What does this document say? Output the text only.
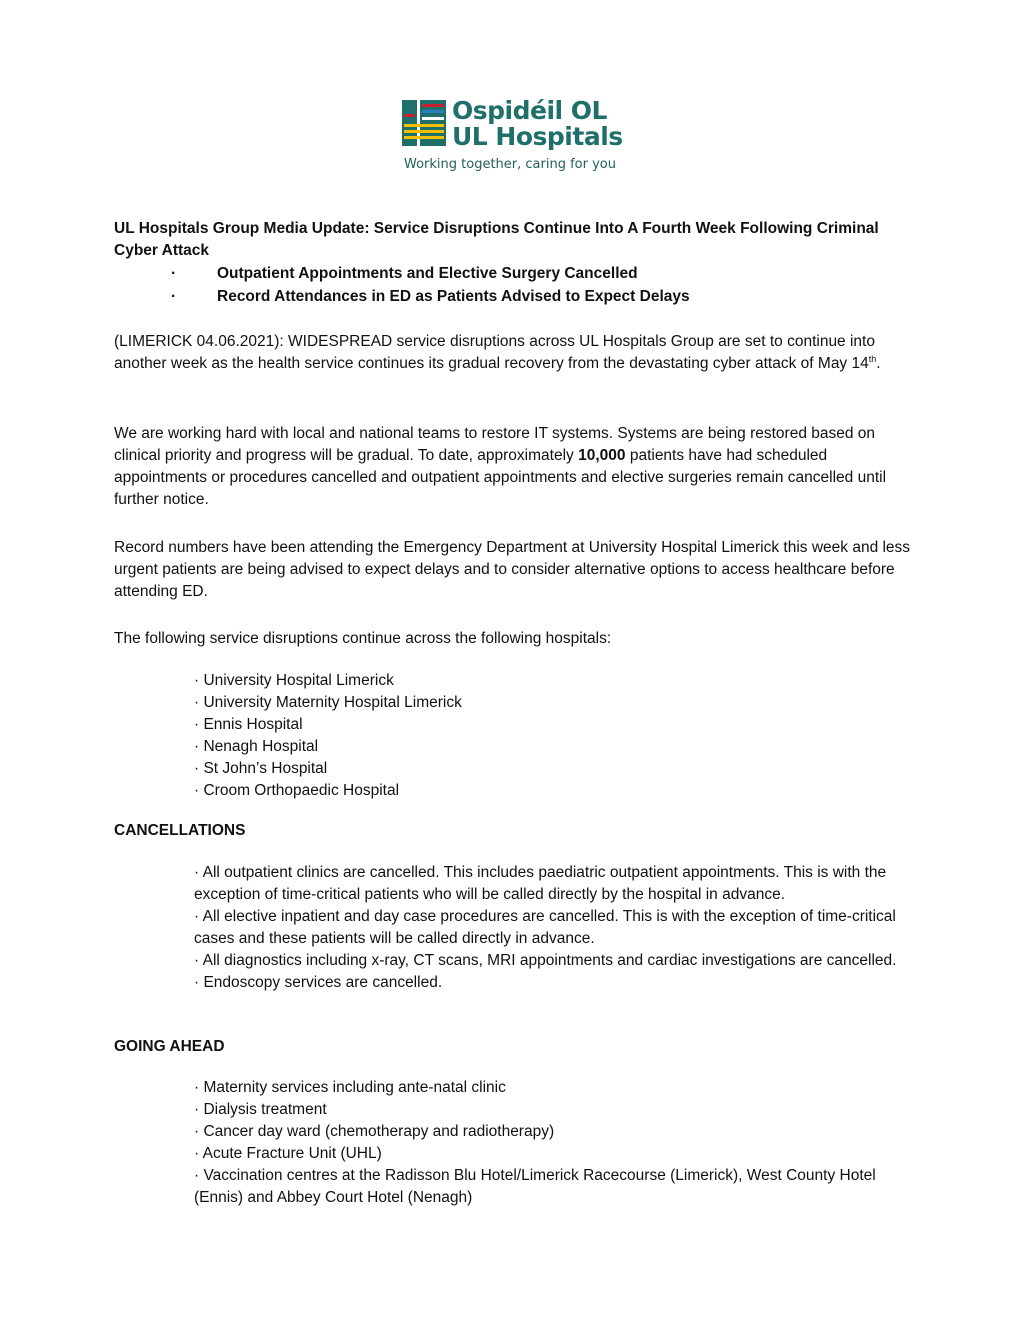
Ospidéil OL
UL Hospitals
Working together, caring for you
UL Hospitals Group Media Update: Service Disruptions Continue Into A Fourth Week Following Criminal Cyber Attack
·	Outpatient Appointments and Elective Surgery Cancelled
·	Record Attendances in ED as Patients Advised to Expect Delays
(LIMERICK 04.06.2021): WIDESPREAD service disruptions across UL Hospitals Group are set to continue into another week as the health service continues its gradual recovery from the devastating cyber attack of May 14th.
We are working hard with local and national teams to restore IT systems. Systems are being restored based on clinical priority and progress will be gradual. To date, approximately 10,000 patients have had scheduled appointments or procedures cancelled and outpatient appointments and elective surgeries remain cancelled until further notice.
Record numbers have been attending the Emergency Department at University Hospital Limerick this week and less urgent patients are being advised to expect delays and to consider alternative options to access healthcare before attending ED.
The following service disruptions continue across the following hospitals:
· University Hospital Limerick
· University Maternity Hospital Limerick
· Ennis Hospital
· Nenagh Hospital
· St John’s Hospital
· Croom Orthopaedic Hospital
CANCELLATIONS
· All outpatient clinics are cancelled. This includes paediatric outpatient appointments. This is with the exception of time-critical patients who will be called directly by the hospital in advance.
· All elective inpatient and day case procedures are cancelled. This is with the exception of time-critical cases and these patients will be called directly in advance.
· All diagnostics including x-ray, CT scans, MRI appointments and cardiac investigations are cancelled.
· Endoscopy services are cancelled.
GOING AHEAD
· Maternity services including ante-natal clinic
· Dialysis treatment
· Cancer day ward (chemotherapy and radiotherapy)
· Acute Fracture Unit (UHL)
· Vaccination centres at the Radisson Blu Hotel/Limerick Racecourse (Limerick), West County Hotel (Ennis) and Abbey Court Hotel (Nenagh)
